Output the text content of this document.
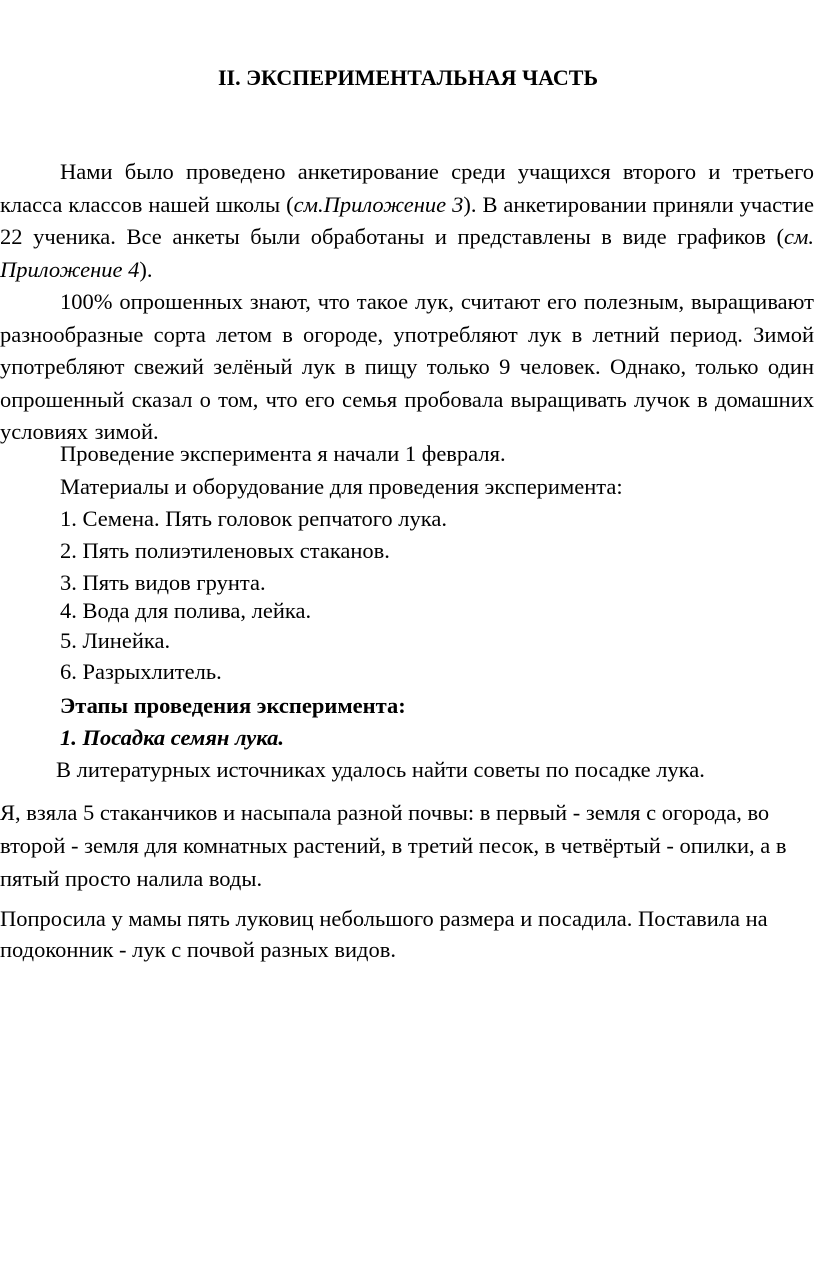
II. ЭКСПЕРИМЕНТАЛЬНАЯ ЧАСТЬ

Нами было проведено анкетирование среди учащихся второго и третьего класса классов нашей школы (см.Приложение 3). В анкетировании приняли участие 22 ученика. Все анкеты были обработаны и представлены в виде графиков (см. Приложение 4).

100% опрошенных знают, что такое лук, считают его полезным, выращивают разнообразные сорта летом в огороде, употребляют лук в летний период. Зимой употребляют свежий зелёный лук в пищу только 9 человек. Однако, только один опрошенный сказал о том, что его семья пробовала выращивать лучок в домашних условиях зимой.

Проведение эксперимента я начали 1 февраля.
Материалы и оборудование для проведения эксперимента:
1. Семена. Пять головок репчатого лука.
2. Пять полиэтиленовых стаканов.
3. Пять видов грунта.
4. Вода для полива, лейка.
5. Линейка.
6. Разрыхлитель.
Этапы проведения эксперимента:
1. Посадка семян лука.
В литературных источниках удалось найти советы по посадке лука.

Я, взяла 5 стаканчиков и насыпала разной почвы: в первый - земля с огорода, во второй - земля для комнатных растений, в третий песок, в четвёртый - опилки, а в пятый просто налила воды.

Попросила у мамы пять луковиц небольшого размера и посадила. Поставила на подоконник - лук с почвой разных видов.
